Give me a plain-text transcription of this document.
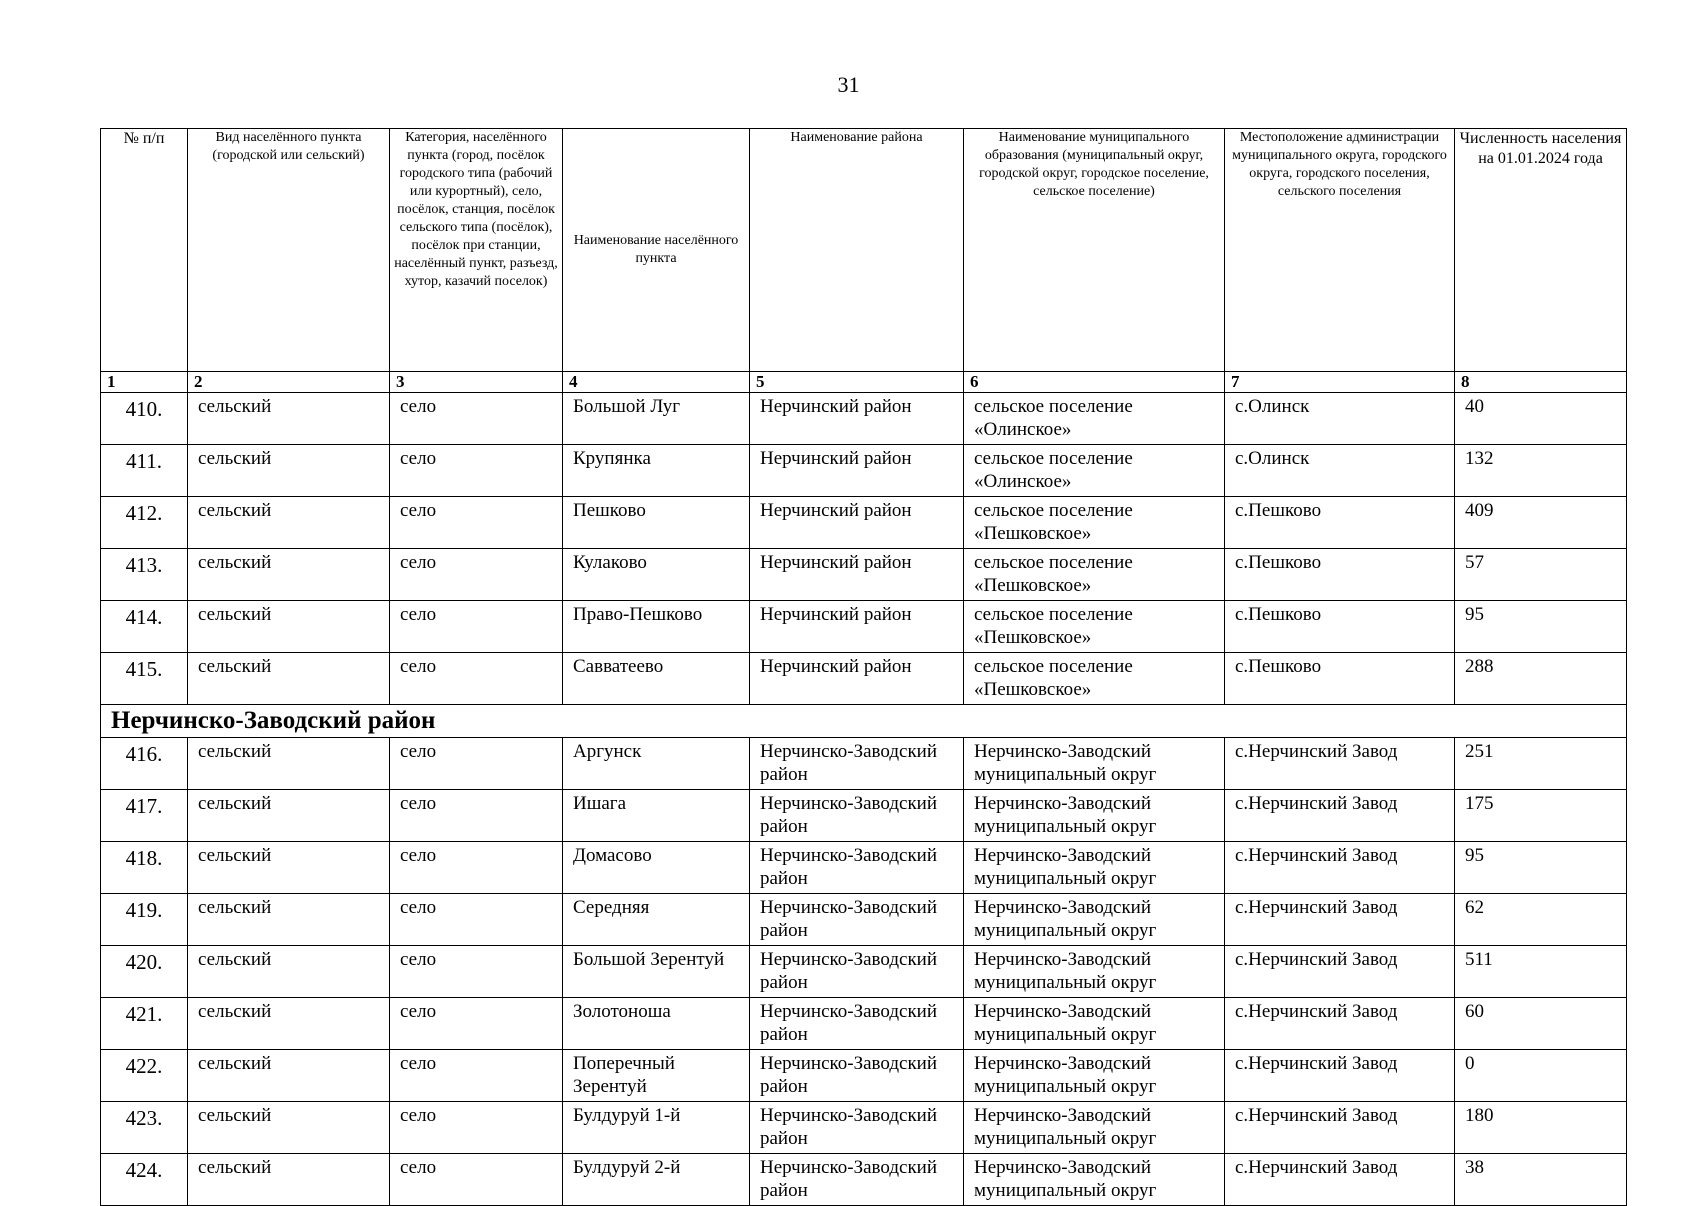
31
№ п/п	Вид населённого пункта (городской или сельский)	Категория, населённого пункта (город, посёлок городского типа (рабочий или курортный), село, посёлок, станция, посёлок сельского типа (посёлок), посёлок при станции, населённый пункт, разъезд, хутор, казачий поселок)	Наименование населённого пункта	Наименование района	Наименование муниципального образования (муниципальный округ, городской округ, городское поселение, сельское поселение)	Местоположение администрации муниципального округа, городского округа, городского поселения, сельского поселения	Численность населения на 01.01.2024 года
1	2	3	4	5	6	7	8
410.	сельский	село	Большой Луг	Нерчинский район	сельское поселение «Олинское»	с.Олинск	40
411.	сельский	село	Крупянка	Нерчинский район	сельское поселение «Олинское»	с.Олинск	132
412.	сельский	село	Пешково	Нерчинский район	сельское поселение «Пешковское»	с.Пешково	409
413.	сельский	село	Кулаково	Нерчинский район	сельское поселение «Пешковское»	с.Пешково	57
414.	сельский	село	Право-Пешково	Нерчинский район	сельское поселение «Пешковское»	с.Пешково	95
415.	сельский	село	Савватеево	Нерчинский район	сельское поселение «Пешковское»	с.Пешково	288
Нерчинско-Заводский район							
416.	сельский	село	Аргунск	Нерчинско-Заводский район	Нерчинско-Заводский муниципальный округ	с.Нерчинский Завод	251
417.	сельский	село	Ишага	Нерчинско-Заводский район	Нерчинско-Заводский муниципальный округ	с.Нерчинский Завод	175
418.	сельский	село	Домасово	Нерчинско-Заводский район	Нерчинско-Заводский муниципальный округ	с.Нерчинский Завод	95
419.	сельский	село	Середняя	Нерчинско-Заводский район	Нерчинско-Заводский муниципальный округ	с.Нерчинский Завод	62
420.	сельский	село	Большой Зерентуй	Нерчинско-Заводский район	Нерчинско-Заводский муниципальный округ	с.Нерчинский Завод	511
421.	сельский	село	Золотоноша	Нерчинско-Заводский район	Нерчинско-Заводский муниципальный округ	с.Нерчинский Завод	60
422.	сельский	село	Поперечный Зерентуй	Нерчинско-Заводский район	Нерчинско-Заводский муниципальный округ	с.Нерчинский Завод	0
423.	сельский	село	Булдуруй 1-й	Нерчинско-Заводский район	Нерчинско-Заводский муниципальный округ	с.Нерчинский Завод	180
424.	сельский	село	Булдуруй 2-й	Нерчинско-Заводский район	Нерчинско-Заводский муниципальный округ	с.Нерчинский Завод	38
